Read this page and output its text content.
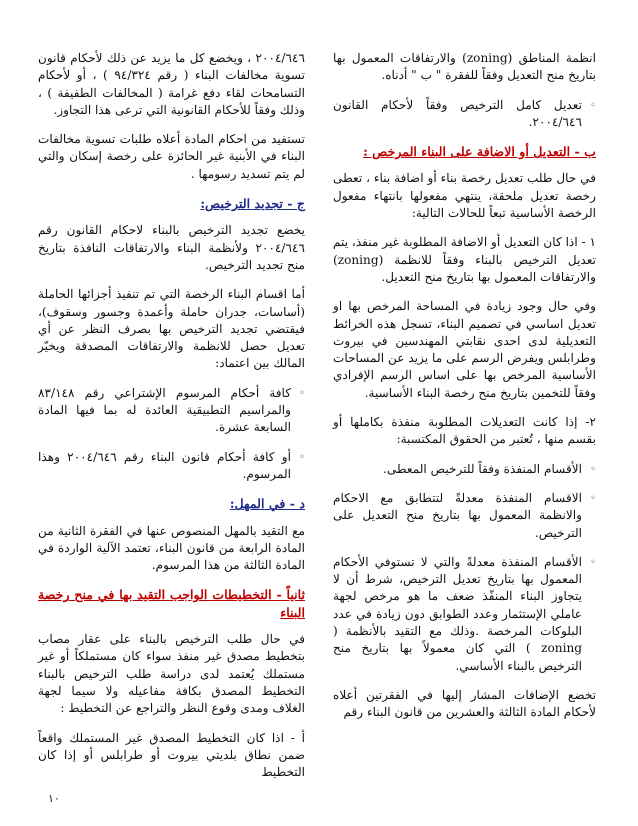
انظمة المناطق (zoning) والارتفاقات المعمول بها بتاريخ منح التعديل وفقاً للفقرة " ب " أدناه.

◦ تعديل كامل الترخيص وفقاً لأحكام القانون ٢٠٠٤/٦٤٦.

ب - التعديل أو الاضافة على البناء المرخص :

في حال طلب تعديل رخصة بناء أو اضافة بناء ، تعطى رخصة تعديل ملحقة، ينتهي مفعولها بانتهاء مفعول الرخصة الأساسية تبعاً للحالات التالية:

١ - اذا كان التعديل أو الاضافة المطلوبة غير منفذ، يتم تعديل الترخيص بالبناء وفقاً للانظمة (zoning) والارتفاقات المعمول بها بتاريخ منح التعديل.

وفي حال وجود زيادة في المساحة المرخص بها او تعديل اساسي في تصميم البناء، تسجل هذه الخرائط التعديلية لدى احدى نقابتي المهندسين في بيروت وطرابلس ويفرض الرسم على ما يزيد عن المساحات الأساسية المرخص بها على اساس الرسم الإفرادي وفقاً للتخمين بتاريخ منح رخصة البناء الأساسية.

٢- إذا كانت التعديلات المطلوبة منفذة بكاملها أو بقسم منها ، تُعتبر من الحقوق المكتسبة:

◦ الأقسام المنفذة وفقاً للترخيص المعطى.

◦ الاقسام المنفذة معدلةً لتتطابق مع الاحكام والانظمة المعمول بها بتاريخ منح التعديل على الترخيص.

◦ الأقسام المنفذة معدلةً والتي لا تستوفي الأحكام المعمول بها بتاريخ تعديل الترخيص، شرط أن لا يتجاوز البناء المنفّذ ضعف ما هو مرخص لجهة عاملي الإستثمار وعدد الطوابق دون زيادة في عدد البلوكات المرخصة .وذلك مع التقيد بالأنظمة ( zoning ) التي كان معمولاً بها بتاريخ منح الترخيص بالبناء الأساسي.

تخضع الإضافات المشار إليها في الفقرتين أعلاه لأحكام المادة الثالثة والعشرين من قانون البناء رقم

٢٠٠٤/٦٤٦ ، ويخضع كل ما يزيد عن ذلك لأحكام قانون تسوية مخالفات البناء ( رقم ٩٤/٣٢٤ ) ، أو لأحكام التسامحات لقاء دفع غرامة ( المخالفات الطفيفة ) ، وذلك وفقاً للأحكام القانونية التي ترعى هذا التجاوز.

تستفيد من احكام المادة أعلاه طلبات تسوية مخالفات البناء في الأبنية غير الحائزة على رخصة إسكان والتي لم يتم تسديد رسومها .

ج - تجديد الترخيص:

يخضع تجديد الترخيص بالبناء لاحكام القانون رقم ٢٠٠٤/٦٤٦ ولأنظمة البناء والارتفاقات النافذة بتاريخ منح تجديد الترخيص.

أما اقسام البناء الرخصة التي تم تنفيذ أجزائها الحاملة (أساسات، جدران حاملة وأعمدة وجسور وسقوف)، فيقتضي تجديد الترخيص بها بصرف النظر عن أي تعديل حصل للانظمة والارتفاقات المصدقة ويخيّر المالك بين اعتماد:

◦ كافة أحكام المرسوم الإشتراعي رقم ٨٣/١٤٨ والمراسيم التطبيقية العائدة له بما فيها المادة السابعة عشرة.

◦ أو كافة أحكام قانون البناء رقم ٢٠٠٤/٦٤٦ وهذا المرسوم.

د - في المهل:

مع التقيد بالمهل المنصوص عنها في الفقرة الثانية من المادة الرابعة من قانون البناء، تعتمد الآلية الواردة في المادة الثالثة من هذا المرسوم.

ثانياً - التخطيطات الواجب التقيد بها في منح رخصة البناء

في حال طلب الترخيص بالبناء على عقار مصاب بتخطيط مصدق غير منفذ سواء كان مستملكاً أو غير مستملك يُعتمد لدى دراسة طلب الترخيص بالبناء التخطيط المصدق بكافة مفاعيله ولا سيما لجهة الغلاف ومدى وقوع النظر والتراجع عن التخطيط :

أ - اذا كان التخطيط المصدق غير المستملك واقعاً ضمن نطاق بلديتي بيروت أو طرابلس أو إذا كان التخطيط

١٠
